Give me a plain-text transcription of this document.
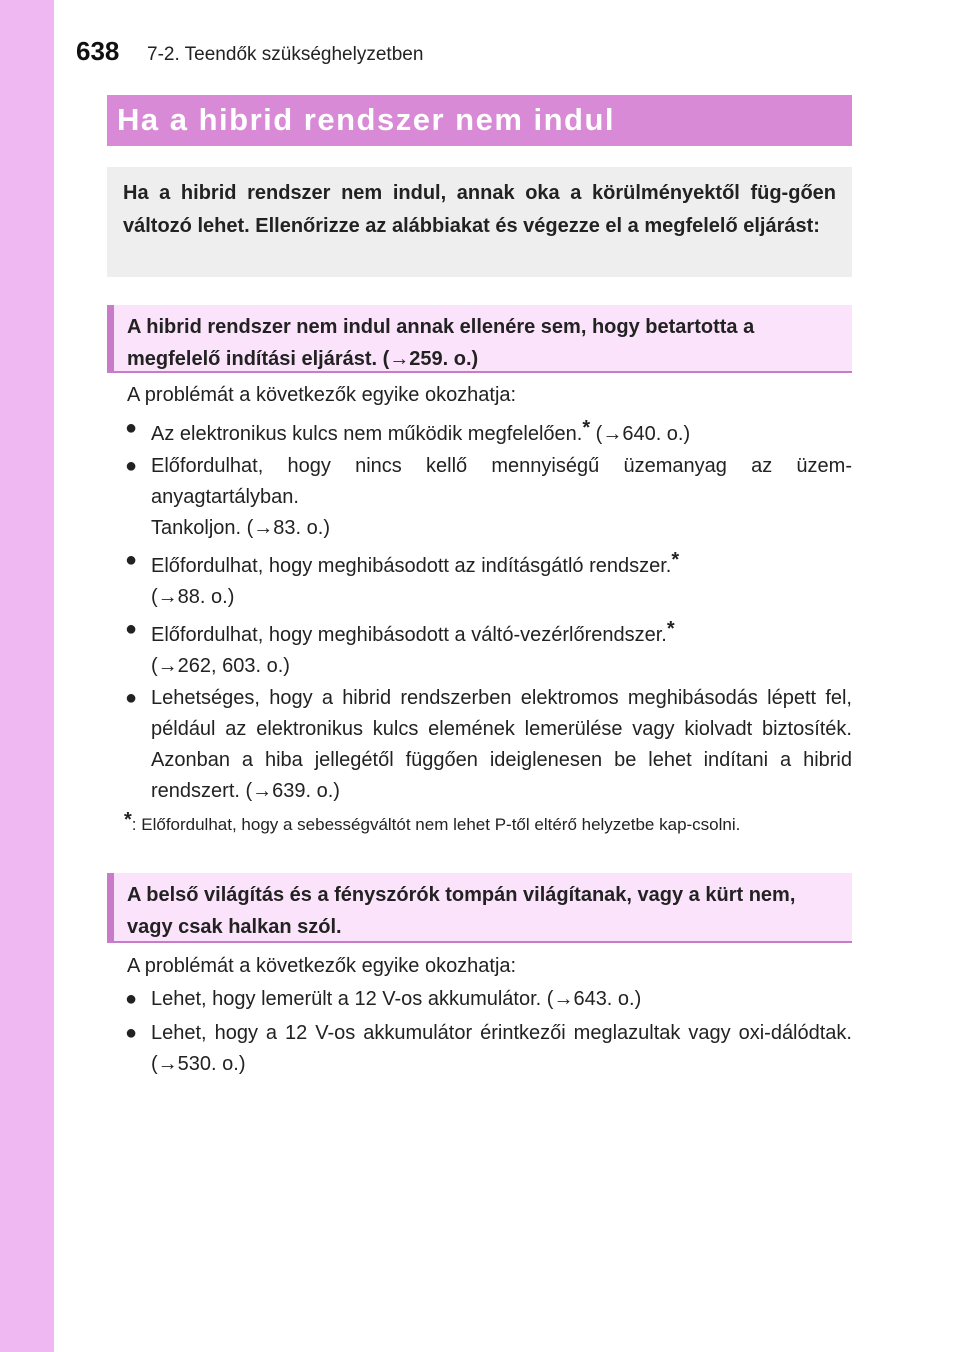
638 7-2. Teendők szükséghelyzetben
Ha a hibrid rendszer nem indul
Ha a hibrid rendszer nem indul, annak oka a körülményektől füg-gően változó lehet. Ellenőrizze az alábbiakat és végezze el a megfelelő eljárást:
A hibrid rendszer nem indul annak ellenére sem, hogy betartotta a megfelelő indítási eljárást. (→259. o.)

A problémát a következők egyike okozhatja:

● Az elektronikus kulcs nem működik megfelelően.* (→640. o.)

● Előfordulhat, hogy nincs kellő mennyiségű üzemanyag az üzem-anyagtartályban.
Tankoljon. (→83. o.)

● Előfordulhat, hogy meghibásodott az indításgátló rendszer.*
(→88. o.)

● Előfordulhat, hogy meghibásodott a váltó-vezérlőrendszer.*
(→262, 603. o.)

● Lehetséges, hogy a hibrid rendszerben elektromos meghibásodás lépett fel, például az elektronikus kulcs elemének lemerülése vagy kiolvadt biztosíték. Azonban a hiba jellegétől függően ideiglenesen be lehet indítani a hibrid rendszert. (→639. o.)

*: Előfordulhat, hogy a sebességváltót nem lehet P-től eltérő helyzetbe kap-csolni.
A belső világítás és a fényszórók tompán világítanak, vagy a kürt nem, vagy csak halkan szól.

A problémát a következők egyike okozhatja:

● Lehet, hogy lemerült a 12 V-os akkumulátor. (→643. o.)

● Lehet, hogy a 12 V-os akkumulátor érintkezői meglazultak vagy oxi-dálódtak. (→530. o.)
